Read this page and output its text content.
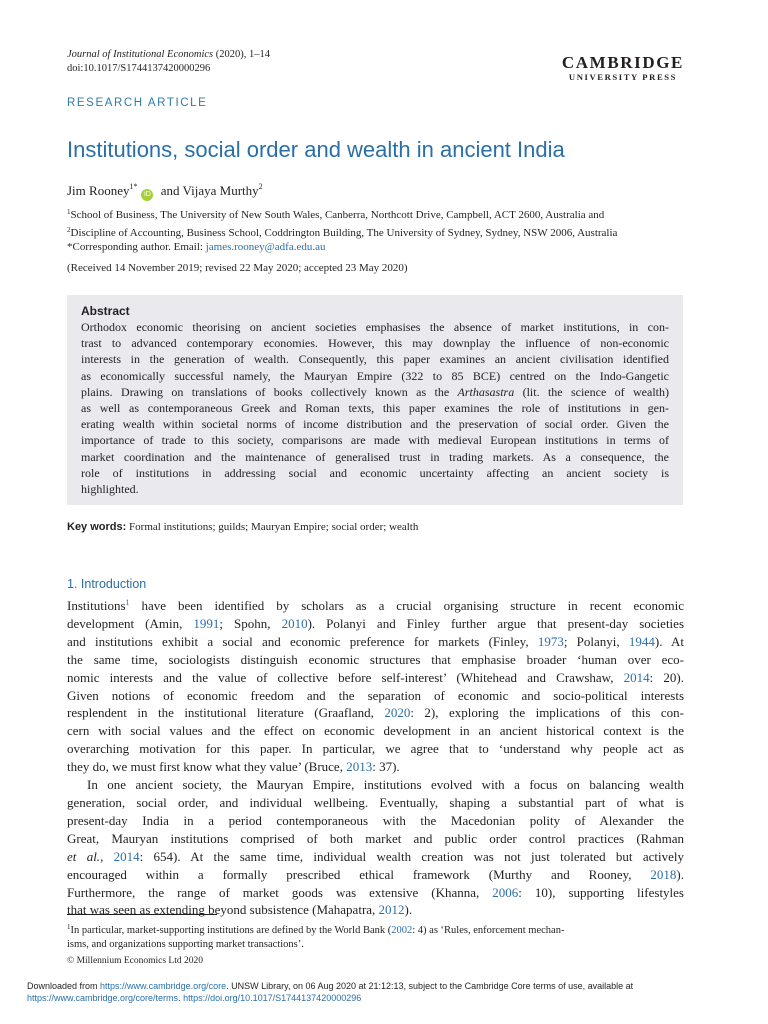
Journal of Institutional Economics (2020), 1–14
doi:10.1017/S1744137420000296	CAMBRIDGE
UNIVERSITY PRESS
RESEARCH ARTICLE
Institutions, social order and wealth in ancient India
Jim Rooney$^{1*}$iD and Vijaya Murthy$^2$
$^1$School of Business, The University of New South Wales, Canberra, Northcott Drive, Campbell, ACT 2600, Australia and
$^2$Discipline of Accounting, Business School, Coddrington Building, The University of Sydney, Sydney, NSW 2006, Australia
*Corresponding author. Email: james.rooney@adfa.edu.au
(Received 14 November 2019; revised 22 May 2020; accepted 23 May 2020)
Abstract
Orthodox economic theorising on ancient societies emphasises the absence of market institutions, in con-
trast to advanced contemporary economies. However, this may downplay the influence of non-economic
interests in the generation of wealth. Consequently, this paper examines an ancient civilisation identified
as economically successful namely, the Mauryan Empire (322 to 85 BCE) centred on the Indo-Gangetic
plains. Drawing on translations of books collectively known as the Arthasastra (lit. the science of wealth)
as well as contemporaneous Greek and Roman texts, this paper examines the role of institutions in gen-
erating wealth within societal norms of income distribution and the preservation of social order. Given the
importance of trade to this society, comparisons are made with medieval European institutions in terms of
market coordination and the maintenance of generalised trust in trading markets. As a consequence, the
role of institutions in addressing social and economic uncertainty affecting an ancient society is
highlighted.
Key words: Formal institutions; guilds; Mauryan Empire; social order; wealth
1. Introduction
Institutions$^1$ have been identified by scholars as a crucial organising structure in recent economic
development (Amin, 1991; Spohn, 2010). Polanyi and Finley further argue that present-day societies
and institutions exhibit a social and economic preference for markets (Finley, 1973; Polanyi, 1944). At
the same time, sociologists distinguish economic structures that emphasise broader ‘human over eco-
nomic interests and the value of collective before self-interest’ (Whitehead and Crawshaw, 2014: 20).
Given notions of economic freedom and the separation of economic and socio-political interests
resplendent in the institutional literature (Graafland, 2020: 2), exploring the implications of this con-
cern with social values and the effect on economic development in an ancient historical context is the
overarching motivation for this paper. In particular, we agree that to ‘understand why people act as
they do, we must first know what they value’ (Bruce, 2013: 37).
In one ancient society, the Mauryan Empire, institutions evolved with a focus on balancing wealth
generation, social order, and individual wellbeing. Eventually, shaping a substantial part of what is
present-day India in a period contemporaneous with the Macedonian polity of Alexander the
Great, Mauryan institutions comprised of both market and public order control practices (Rahman
et al., 2014: 654). At the same time, individual wealth creation was not just tolerated but actively
encouraged within a formally prescribed ethical framework (Murthy and Rooney, 2018).
Furthermore, the range of market goods was extensive (Khanna, 2006: 10), supporting lifestyles
that was seen as extending beyond subsistence (Mahapatra, 2012).
$^1$In particular, market-supporting institutions are defined by the World Bank (2002: 4) as ‘Rules, enforcement mechan-
isms, and organizations supporting market transactions’.
© Millennium Economics Ltd 2020
Downloaded from https://www.cambridge.org/core. UNSW Library, on 06 Aug 2020 at 21:12:13, subject to the Cambridge Core terms of use, available at
https://www.cambridge.org/core/terms. https://doi.org/10.1017/S1744137420000296
